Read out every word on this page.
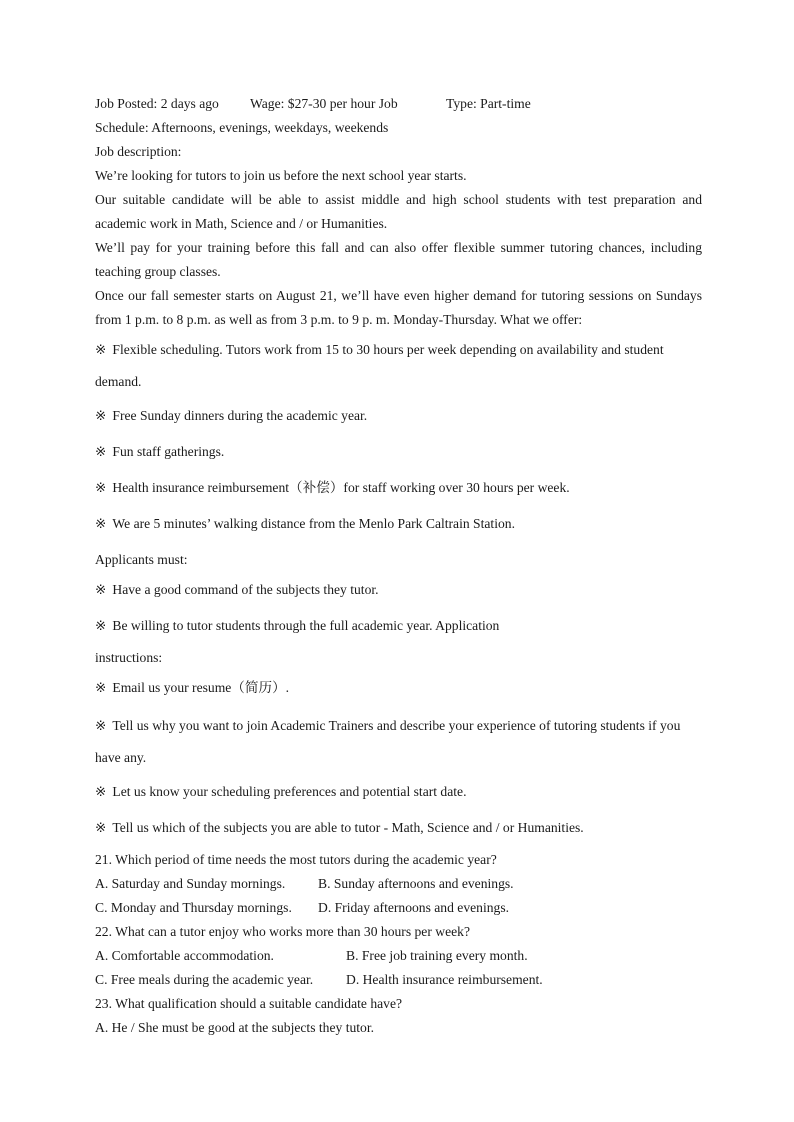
Job Posted: 2 days ago Wage: $27-30 per hour Job	Type: Part-time
Schedule: Afternoons, evenings, weekdays, weekends
Job description:
We’re looking for tutors to join us before the next school year starts.
Our suitable candidate will be able to assist middle and high school students with test preparation and academic work in Math, Science and / or Humanities.
We’ll pay for your training before this fall and can also offer flexible summer tutoring chances, including teaching group classes.
Once our fall semester starts on August 21, we’ll have even higher demand for tutoring sessions on Sundays from 1 p.m. to 8 p.m. as well as from 3 p.m. to 9 p. m. Monday-Thursday. What we offer:
※ Flexible scheduling. Tutors work from 15 to 30 hours per week depending on availability and student demand.
※ Free Sunday dinners during the academic year.
※ Fun staff gatherings.
※ Health insurance reimbursement（补偿）for staff working over 30 hours per week.
※ We are 5 minutes’ walking distance from the Menlo Park Caltrain Station.
Applicants must:
※ Have a good command of the subjects they tutor.
※ Be willing to tutor students through the full academic year. Application
instructions:
※ Email us your resume（简历）.
※ Tell us why you want to join Academic Trainers and describe your experience of tutoring students if you have any.
※ Let us know your scheduling preferences and potential start date.
※ Tell us which of the subjects you are able to tutor - Math, Science and / or Humanities.
21. Which period of time needs the most tutors during the academic year?
A. Saturday and Sunday mornings.	B. Sunday afternoons and evenings.
C. Monday and Thursday mornings.	D. Friday afternoons and evenings.
22. What can a tutor enjoy who works more than 30 hours per week?
A. Comfortable accommodation.	B. Free job training every month.
C. Free meals during the academic year.	D. Health insurance reimbursement.
23. What qualification should a suitable candidate have?
A. He / She must be good at the subjects they tutor.
